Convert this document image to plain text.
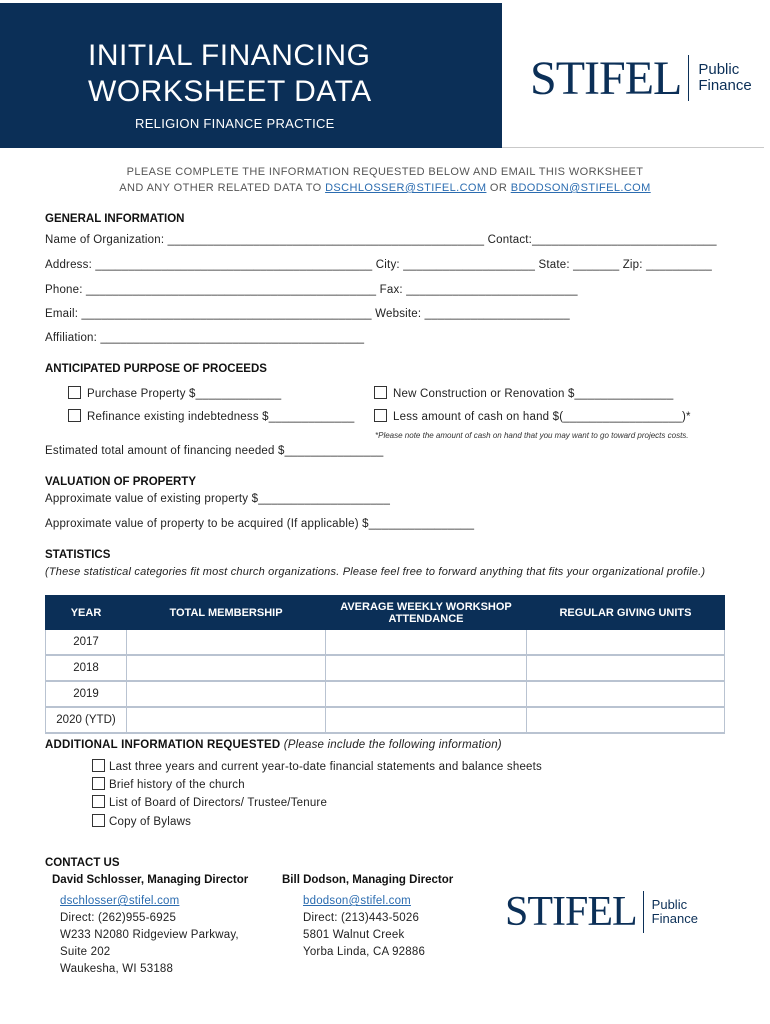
INITIAL FINANCING
WORKSHEET DATA
RELIGION FINANCE PRACTICE
STIFEL Public
Finance
PLEASE COMPLETE THE INFORMATION REQUESTED BELOW AND EMAIL THIS WORKSHEET
AND ANY OTHER RELATED DATA TO DSCHLOSSER@STIFEL.COM OR BDODSON@STIFEL.COM
GENERAL INFORMATION
Name of Organization: ________________________________________________ Contact:____________________________
Address: __________________________________________ City: ____________________ State: _______ Zip: __________
Phone: ____________________________________________ Fax: __________________________
Email: ____________________________________________ Website: ______________________
Affiliation: ________________________________________
ANTICIPATED PURPOSE OF PROCEEDS
Purchase Property $_____________	New Construction or Renovation $_______________
Refinance existing indebtedness $_____________	Less amount of cash on hand $(__________________)*
*Please note the amount of cash on hand that you may want to go toward projects costs.
Estimated total amount of financing needed $_______________
VALUATION OF PROPERTY
Approximate value of existing property $____________________
Approximate value of property to be acquired (If applicable) $________________
STATISTICS
(These statistical categories fit most church organizations. Please feel free to forward anything that fits your organizational profile.)
YEAR	TOTAL MEMBERSHIP	AVERAGE WEEKLY WORKSHOP ATTENDANCE	REGULAR GIVING UNITS
2017			
2018			
2019			
2020 (YTD)			
ADDITIONAL INFORMATION REQUESTED (Please include the following information)
Last three years and current year-to-date financial statements and balance sheets
Brief history of the church
List of Board of Directors/ Trustee/Tenure
Copy of Bylaws
CONTACT US
David Schlosser, Managing Director	Bill Dodson, Managing Director
dschlosser@stifel.com
Direct: (262)955-6925
W233 N2080 Ridgeview Parkway,
Suite 202
Waukesha, WI 53188
bdodson@stifel.com
Direct: (213)443-5026
5801 Walnut Creek
Yorba Linda, CA 92886
STIFEL Public
Finance
